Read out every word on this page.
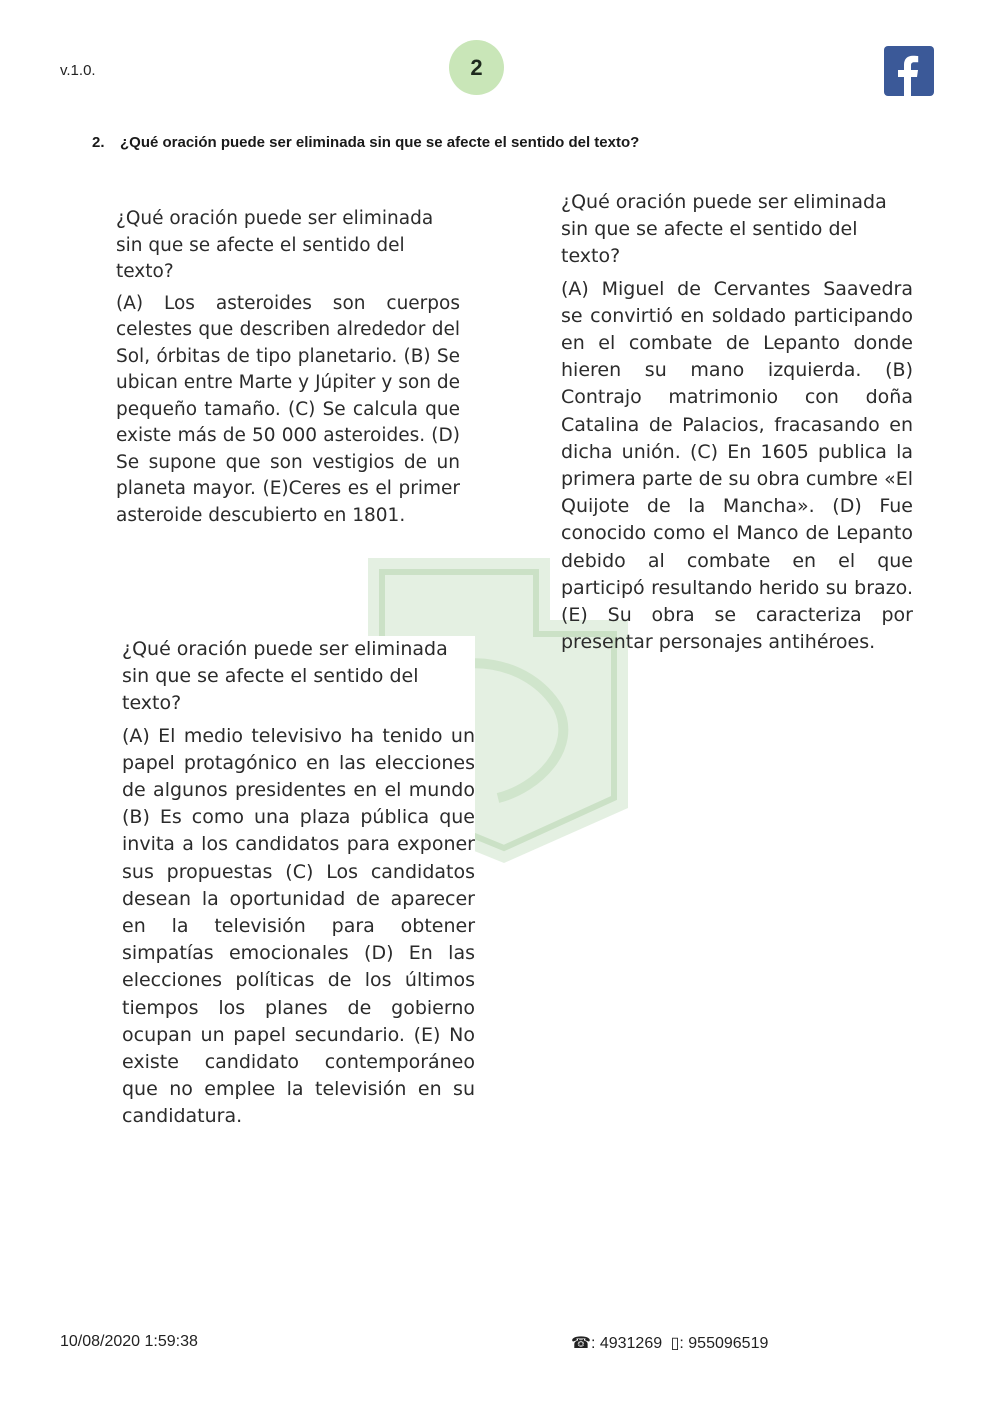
v.1.0.	2
2. ¿Qué oración puede ser eliminada sin que se afecte el sentido del texto?

¿Qué oración puede ser eliminada sin que se afecte el sentido del texto?

(A) Los asteroides son cuerpos celestes que describen alrededor del Sol, órbitas de tipo planetario. (B) Se ubican entre Marte y Júpiter y son de pequeño tamaño. (C) Se calcula que existe más de 50 000 asteroides. (D) Se supone que son vestigios de un planeta mayor. (E)Ceres es el primer asteroide descubierto en 1801.

¿Qué oración puede ser eliminada sin que se afecte el sentido del texto?

(A) Miguel de Cervantes Saavedra se convirtió en soldado participando en el combate de Lepanto donde hieren su mano izquierda. (B) Contrajo matrimonio con doña Catalina de Palacios, fracasando en dicha unión. (C) En 1605 publica la primera parte de su obra cumbre «El Quijote de la Mancha». (D) Fue conocido como el Manco de Lepanto debido al combate en el que participó resultando herido su brazo. (E) Su obra se caracteriza por presentar personajes antihéroes.

¿Qué oración puede ser eliminada sin que se afecte el sentido del texto?

(A) El medio televisivo ha tenido un papel protagónico en las elecciones de algunos presidentes en el mundo (B) Es como una plaza pública que invita a los candidatos para exponer sus propuestas (C) Los candidatos desean la oportunidad de aparecer en la televisión para obtener simpatías emocionales (D) En las elecciones políticas de los últimos tiempos los planes de gobierno ocupan un papel secundario. (E) No existe candidato contemporáneo que no emplee la televisión en su candidatura.

10/08/2020 1:59:38	☎: 4931269 ▯: 955096519
